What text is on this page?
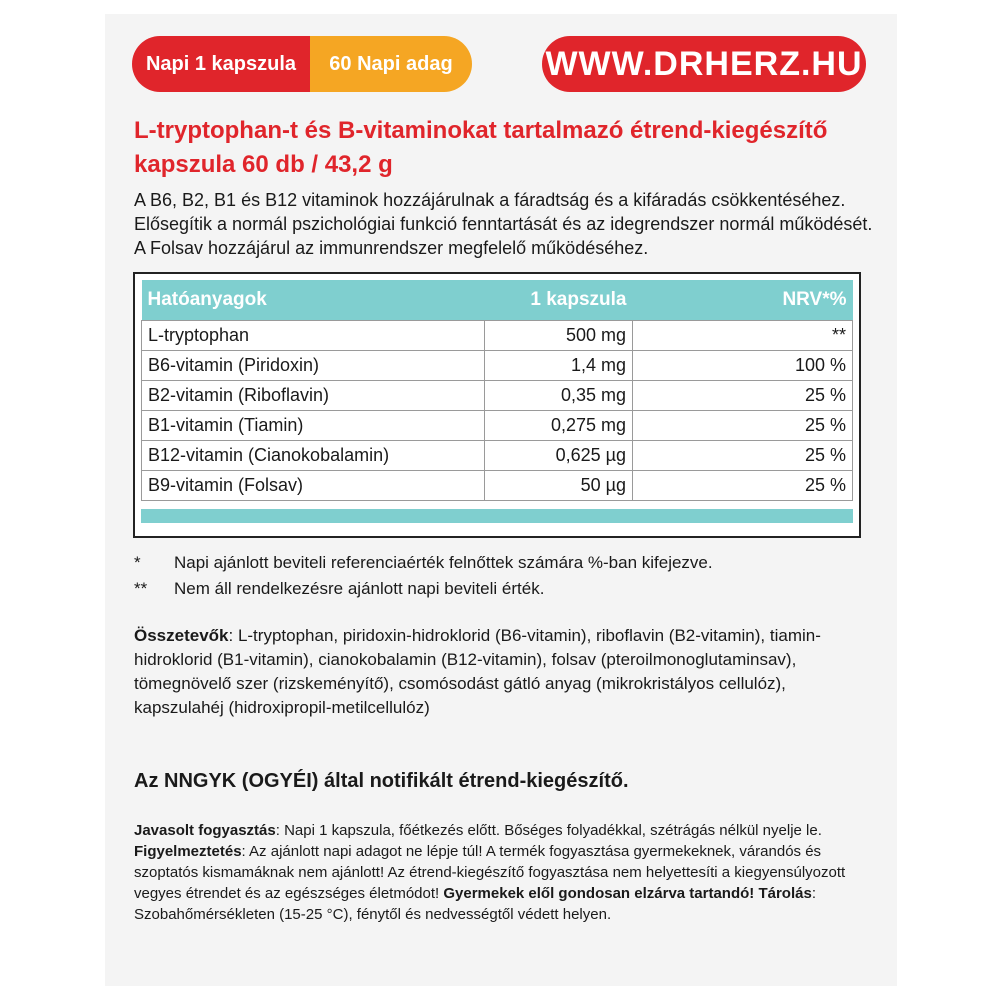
Napi 1 kapszula	60 Napi adag	WWW.DRHERZ.HU
L-tryptophan-t és B-vitaminokat tartalmazó étrend-kiegészítő kapszula 60 db / 43,2 g

A B6, B2, B1 és B12 vitaminok hozzájárulnak a fáradtság és a kifáradás csökkentéséhez. Elősegítik a normál pszichológiai funkció fenntartását és az idegrendszer normál működését. A Folsav hozzájárul az immunrendszer megfelelő működéséhez.

Hatóanyagok	1 kapszula	NRV*%
L-tryptophan	500 mg	**
B6-vitamin (Piridoxin)	1,4 mg	100 %
B2-vitamin (Riboflavin)	0,35 mg	25 %
B1-vitamin (Tiamin)	0,275 mg	25 %
B12-vitamin (Cianokobalamin)	0,625 µg	25 %
B9-vitamin (Folsav)	50 µg	25 %
*	Napi ajánlott beviteli referenciaérték felnőttek számára %-ban kifejezve.
**	Nem áll rendelkezésre ajánlott napi beviteli érték.

Összetevők: L-tryptophan, piridoxin-hidroklorid (B6-vitamin), riboflavin (B2-vitamin), tiamin-hidroklorid (B1-vitamin), cianokobalamin (B12-vitamin), folsav (pteroilmonoglutaminsav), tömegnövelő szer (rizskeményítő), csomósodást gátló anyag (mikrokristályos cellulóz), kapszulahéj (hidroxipropil-metilcellulóz)

Az NNGYK (OGYÉI) által notifikált étrend-kiegészítő.

Javasolt fogyasztás: Napi 1 kapszula, főétkezés előtt. Bőséges folyadékkal, szétrágás nélkül nyelje le. Figyelmeztetés: Az ajánlott napi adagot ne lépje túl! A termék fogyasztása gyermekeknek, várandós és szoptatós kismamáknak nem ajánlott! Az étrend-kiegészítő fogyasztása nem helyettesíti a kiegyensúlyozott vegyes étrendet és az egészséges életmódot! Gyermekek elől gondosan elzárva tartandó! Tárolás: Szobahőmérsékleten (15-25 °C), fénytől és nedvességtől védett helyen.
